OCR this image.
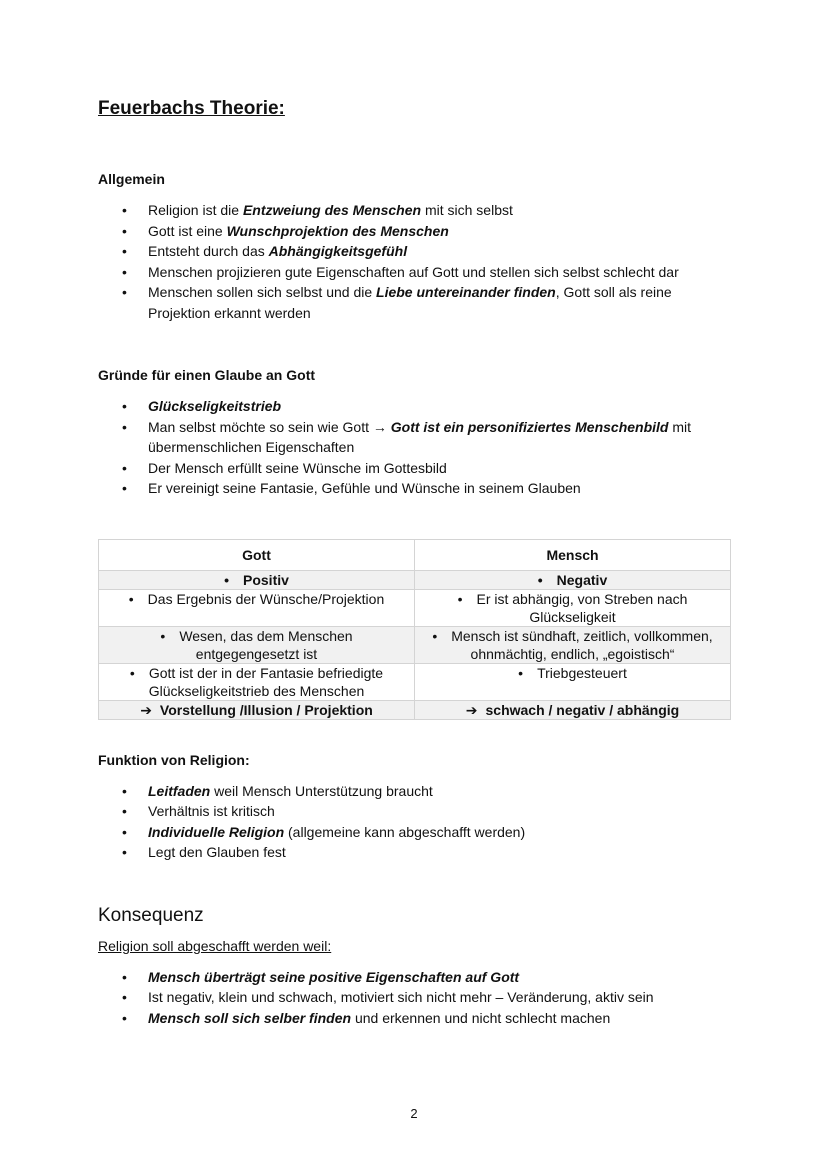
Feuerbachs Theorie:
Allgemein
• Religion ist die Entzweiung des Menschen mit sich selbst
• Gott ist eine Wunschprojektion des Menschen
• Entsteht durch das Abhängigkeitsgefühl
• Menschen projizieren gute Eigenschaften auf Gott und stellen sich selbst schlecht dar
• Menschen sollen sich selbst und die Liebe untereinander finden, Gott soll als reine Projektion erkannt werden
Gründe für einen Glaube an Gott
• Glückseligkeitstrieb
• Man selbst möchte so sein wie Gott → Gott ist ein personifiziertes Menschenbild mit übermenschlichen Eigenschaften
• Der Mensch erfüllt seine Wünsche im Gottesbild
• Er vereinigt seine Fantasie, Gefühle und Wünsche in seinem Glauben
Gott	Mensch
• Positiv	• Negativ
• Das Ergebnis der Wünsche/Projektion	• Er ist abhängig, von Streben nach Glückseligkeit
• Wesen, das dem Menschen entgegengesetzt ist	• Mensch ist sündhaft, zeitlich, vollkommen, ohnmächtig, endlich, „egoistisch“
• Gott ist der in der Fantasie befriedigte Glückseligkeitstrieb des Menschen	• Triebgesteuert
➔ Vorstellung /Illusion / Projektion	➔ schwach / negativ / abhängig
Funktion von Religion:
• Leitfaden weil Mensch Unterstützung braucht
• Verhältnis ist kritisch
• Individuelle Religion (allgemeine kann abgeschafft werden)
• Legt den Glauben fest
Konsequenz

Religion soll abgeschafft werden weil:

• Mensch überträgt seine positive Eigenschaften auf Gott
• Ist negativ, klein und schwach, motiviert sich nicht mehr – Veränderung, aktiv sein
• Mensch soll sich selber finden und erkennen und nicht schlecht machen
2
